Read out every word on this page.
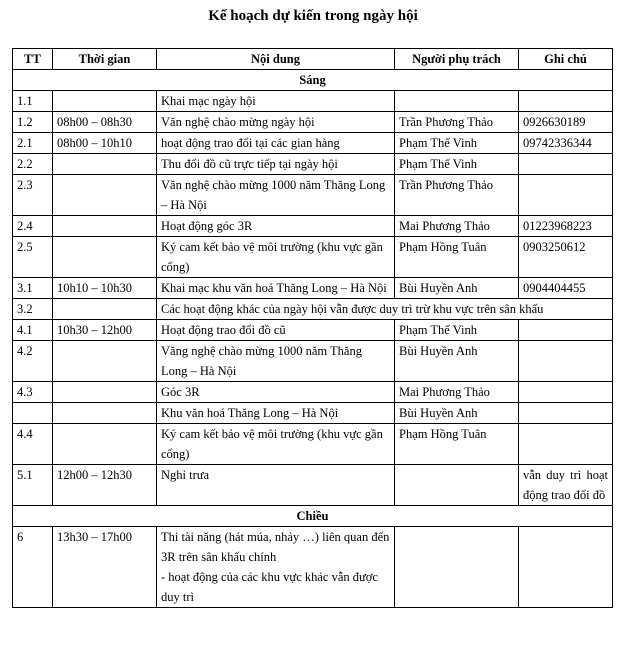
Kế hoạch dự kiến trong ngày hội
TT	Thời gian	Nội dung	Người phụ trách	Ghi chú
Sáng				
1.1		Khai mạc ngày hội		
1.2	08h00 – 08h30	Văn nghệ chào mừng ngày hội	Trần Phương Thảo	0926630189
2.1	08h00 – 10h10	hoạt động trao đổi tại các gian hàng	Phạm Thế Vinh	09742336344
2.2		Thu đổi đồ cũ trực tiếp tại ngày hội	Phạm Thế Vinh	
2.3		Văn nghệ chào mừng 1000 năm Thăng Long – Hà Nội	Trần Phương Thảo	
2.4		Hoạt động góc 3R	Mai Phương Thảo	01223968223
2.5		Ký cam kết bảo vệ môi trường (khu vực gần cổng)	Phạm Hồng Tuân	0903250612
3.1	10h10 – 10h30	Khai mạc khu văn hoá Thăng Long – Hà Nội	Bùi Huyền Anh	0904404455
3.2		Các hoạt động khác của ngày hội vẫn được duy trì trừ khu vực trên sân khấu		
4.1	10h30 – 12h00	Hoạt động trao đổi đồ cũ	Phạm Thế Vinh	
4.2		Văng nghệ chào mừng 1000 năm Thăng Long – Hà Nội	Bùi Huyền Anh	
4.3		Góc 3R	Mai Phương Thảo	
		Khu văn hoá Thăng Long – Hà Nội	Bùi Huyền Anh	
4.4		Ký cam kết bảo vệ môi trường (khu vực gần cổng)	Phạm Hồng Tuân	
5.1	12h00 – 12h30	Nghỉ trưa		vẫn duy trì hoạt động trao đổi đồ
Chiều				
6	13h30 – 17h00	Thi tài năng (hát múa, nhảy …) liên quan đến 3R trên sân khấu chính
- hoạt động của các khu vực khác vẫn được duy trì		
